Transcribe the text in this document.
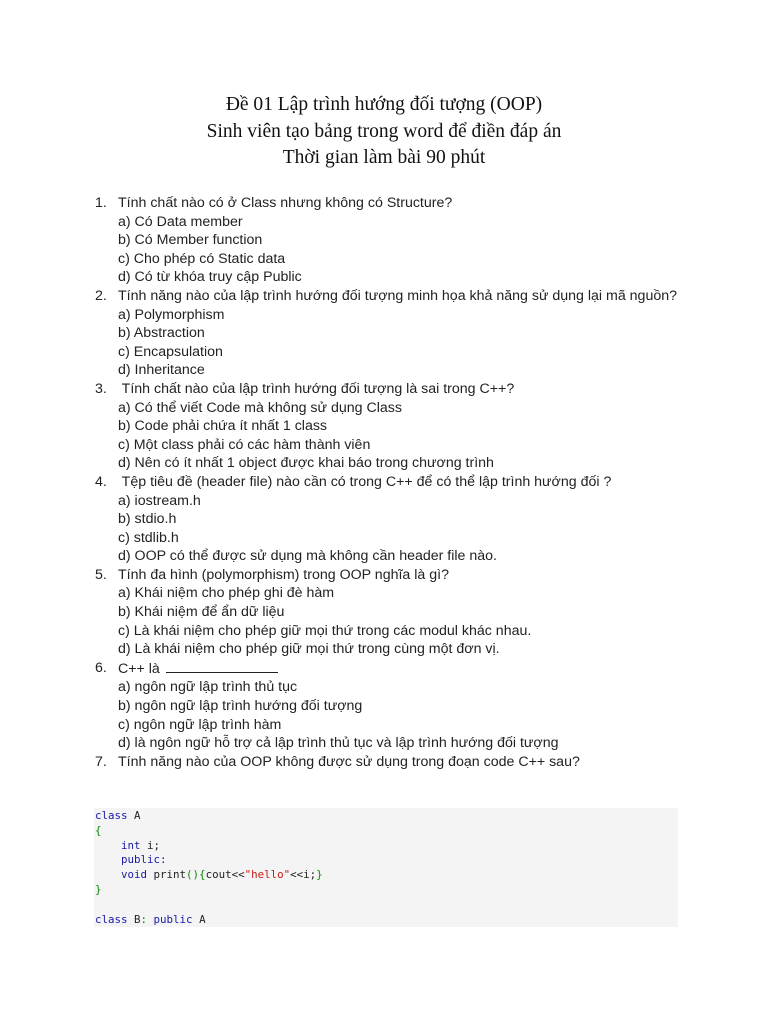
Đề 01 Lập trình hướng đối tượng (OOP)
Sinh viên tạo bảng trong word để điền đáp án
Thời gian làm bài 90 phút
1. Tính chất nào có ở Class nhưng không có Structure?
a) Có Data member
b) Có Member function
c) Cho phép có Static data
d) Có từ khóa truy cập Public
2. Tính năng nào của lập trình hướng đối tượng minh họa khả năng sử dụng lại mã nguồn?
a) Polymorphism
b) Abstraction
c) Encapsulation
d) Inheritance
3. Tính chất nào của lập trình hướng đối tượng là sai trong C++?
a) Có thể viết Code mà không sử dụng Class
b) Code phải chứa ít nhất 1 class
c) Một class phải có các hàm thành viên
d) Nên có ít nhất 1 object được khai báo trong chương trình
4. Tệp tiêu đề (header file) nào cần có trong C++ để có thể lập trình hướng đối ?
a) iostream.h
b) stdio.h
c) stdlib.h
d) OOP có thể được sử dụng mà không cần header file nào.
5. Tính đa hình (polymorphism) trong OOP nghĩa là gì?
a) Khái niệm cho phép ghi đè hàm
b) Khái niệm để ẩn dữ liệu
c) Là khái niệm cho phép giữ mọi thứ trong các modul khác nhau.
d) Là khái niệm cho phép giữ mọi thứ trong cùng một đơn vị.
6. C++ là
a) ngôn ngữ lập trình thủ tục
b) ngôn ngữ lập trình hướng đối tượng
c) ngôn ngữ lập trình hàm
d) là ngôn ngữ hỗ trợ cả lập trình thủ tục và lập trình hướng đối tượng
7. Tính năng nào của OOP không được sử dụng trong đoạn code C++ sau?
class A
{
int i;
public:
void print(){cout<<"hello"<<i;}
}
class B: public A
